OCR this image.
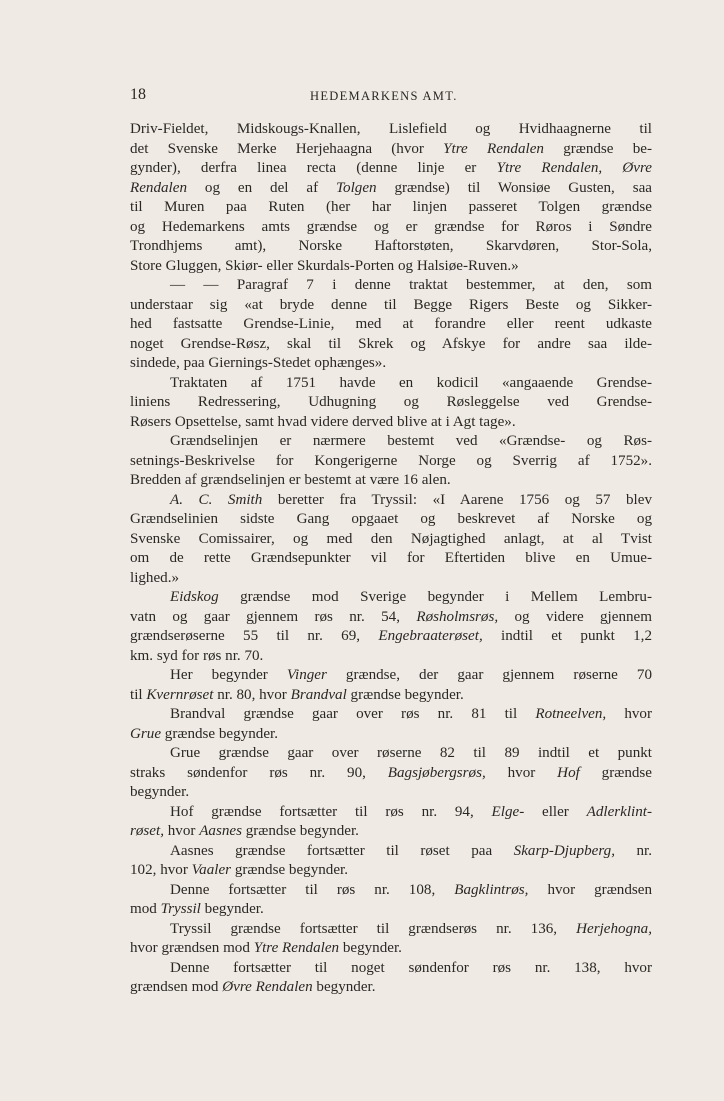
18	HEDEMARKENS AMT.
Driv-Fieldet, Midskougs-Knallen, Lislefield og Hvidhaagnerne til
det Svenske Merke Herjehaagna (hvor Ytre Rendalen grændse be-
gynder), derfra linea recta (denne linje er Ytre Rendalen, Øvre
Rendalen og en del af Tolgen grændse) til Wonsiøe Gusten, saa
til Muren paa Ruten (her har linjen passeret Tolgen grændse
og Hedemarkens amts grændse og er grændse for Røros i Søndre
Trondhjems amt), Norske Haftorstøten, Skarvdøren, Stor-Sola,
Store Gluggen, Skiør- eller Skurdals-Porten og Halsiøe-Ruven.»
— — Paragraf 7 i denne traktat bestemmer, at den, som
understaar sig «at bryde denne til Begge Rigers Beste og Sikker-
hed fastsatte Grendse-Linie, med at forandre eller reent udkaste
noget Grendse-Røsz, skal til Skrek og Afskye for andre saa ilde-
sindede, paa Giernings-Stedet ophænges».
Traktaten af 1751 havde en kodicil «angaaende Grendse-
liniens Redressering, Udhugning og Røsleggelse ved Grendse-
Røsers Opsettelse, samt hvad videre derved blive at i Agt tage».
Grændselinjen er nærmere bestemt ved «Grændse- og Røs-
setnings-Beskrivelse for Kongerigerne Norge og Sverrig af 1752».
Bredden af grændselinjen er bestemt at være 16 alen.
A. C. Smith beretter fra Tryssil: «I Aarene 1756 og 57 blev
Grændselinien sidste Gang opgaaet og beskrevet af Norske og
Svenske Comissairer, og med den Nøjagtighed anlagt, at al Tvist
om de rette Grændsepunkter vil for Eftertiden blive en Umue-
lighed.»
Eidskog grændse mod Sverige begynder i Mellem Lembru-
vatn og gaar gjennem røs nr. 54, Røsholmsrøs, og videre gjennem
grændserøserne 55 til nr. 69, Engebraaterøset, indtil et punkt 1,2
km. syd for røs nr. 70.
Her begynder Vinger grændse, der gaar gjennem røserne 70
til Kvernrøset nr. 80, hvor Brandval grændse begynder.
Brandval grændse gaar over røs nr. 81 til Rotneelven, hvor
Grue grændse begynder.
Grue grændse gaar over røserne 82 til 89 indtil et punkt
straks søndenfor røs nr. 90, Bagsjøbergsrøs, hvor Hof grændse
begynder.
Hof grændse fortsætter til røs nr. 94, Elge- eller Adlerklint-
røset, hvor Aasnes grændse begynder.
Aasnes grændse fortsætter til røset paa Skarp-Djupberg, nr.
102, hvor Vaaler grændse begynder.
Denne fortsætter til røs nr. 108, Bagklintrøs, hvor grændsen
mod Tryssil begynder.
Tryssil grændse fortsætter til grændserøs nr. 136, Herjehogna,
hvor grændsen mod Ytre Rendalen begynder.
Denne fortsætter til noget søndenfor røs nr. 138, hvor
grændsen mod Øvre Rendalen begynder.
